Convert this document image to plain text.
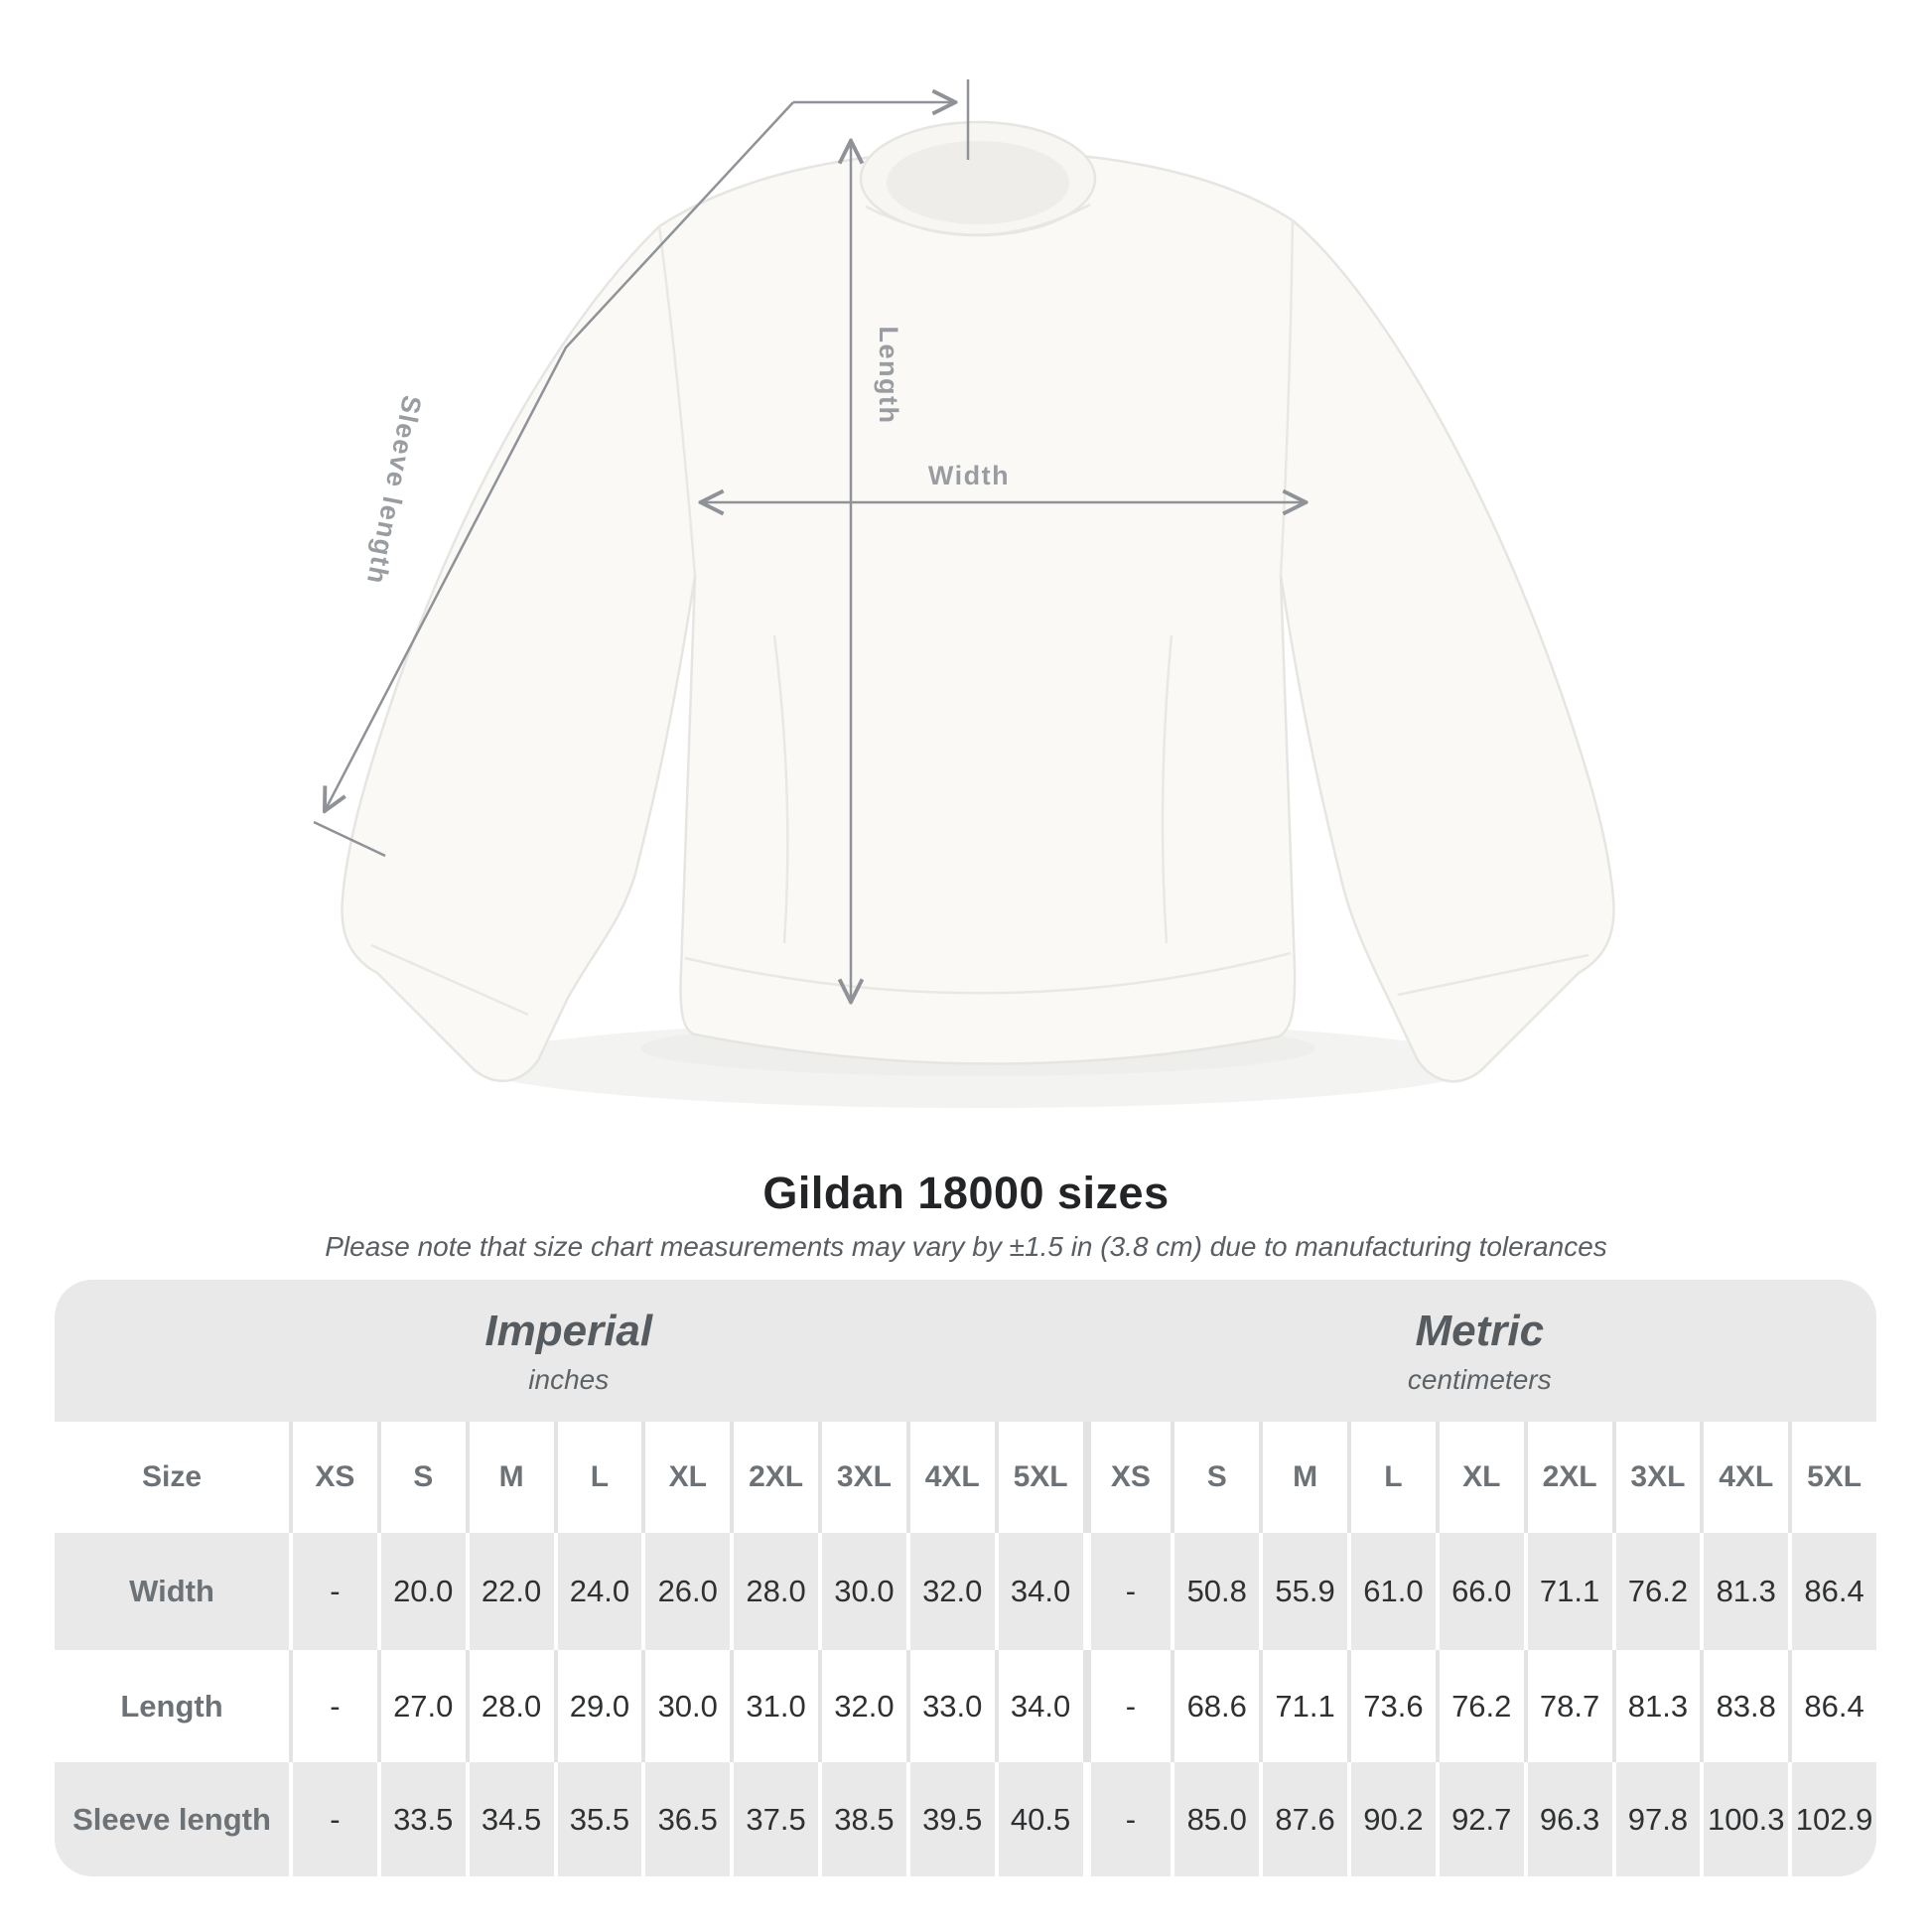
Width
Length
Sleeve length
Gildan 18000 sizes
Please note that size chart measurements may vary by ±1.5 in (3.8 cm) due to manufacturing tolerances
Imperial
inches
Metric
centimeters
Size	XS	S	M	L	XL	2XL	3XL	4XL	5XL	XS	S	M	L	XL	2XL	3XL	4XL	5XL
Width	-	20.0 22.0 24.0 26.0 28.0 30.0 32.0 34.0	-	50.8 55.9 61.0 66.0 71.1 76.2 81.3 86.4
Length	-	27.0 28.0 29.0 30.0 31.0 32.0 33.0 34.0	-	68.6 71.1 73.6 76.2 78.7 81.3 83.8 86.4
Sleeve length	-	33.5 34.5 35.5 36.5 37.5 38.5 39.5 40.5	-	85.0 87.6 90.2 92.7 96.3 97.8 100.3 102.9
